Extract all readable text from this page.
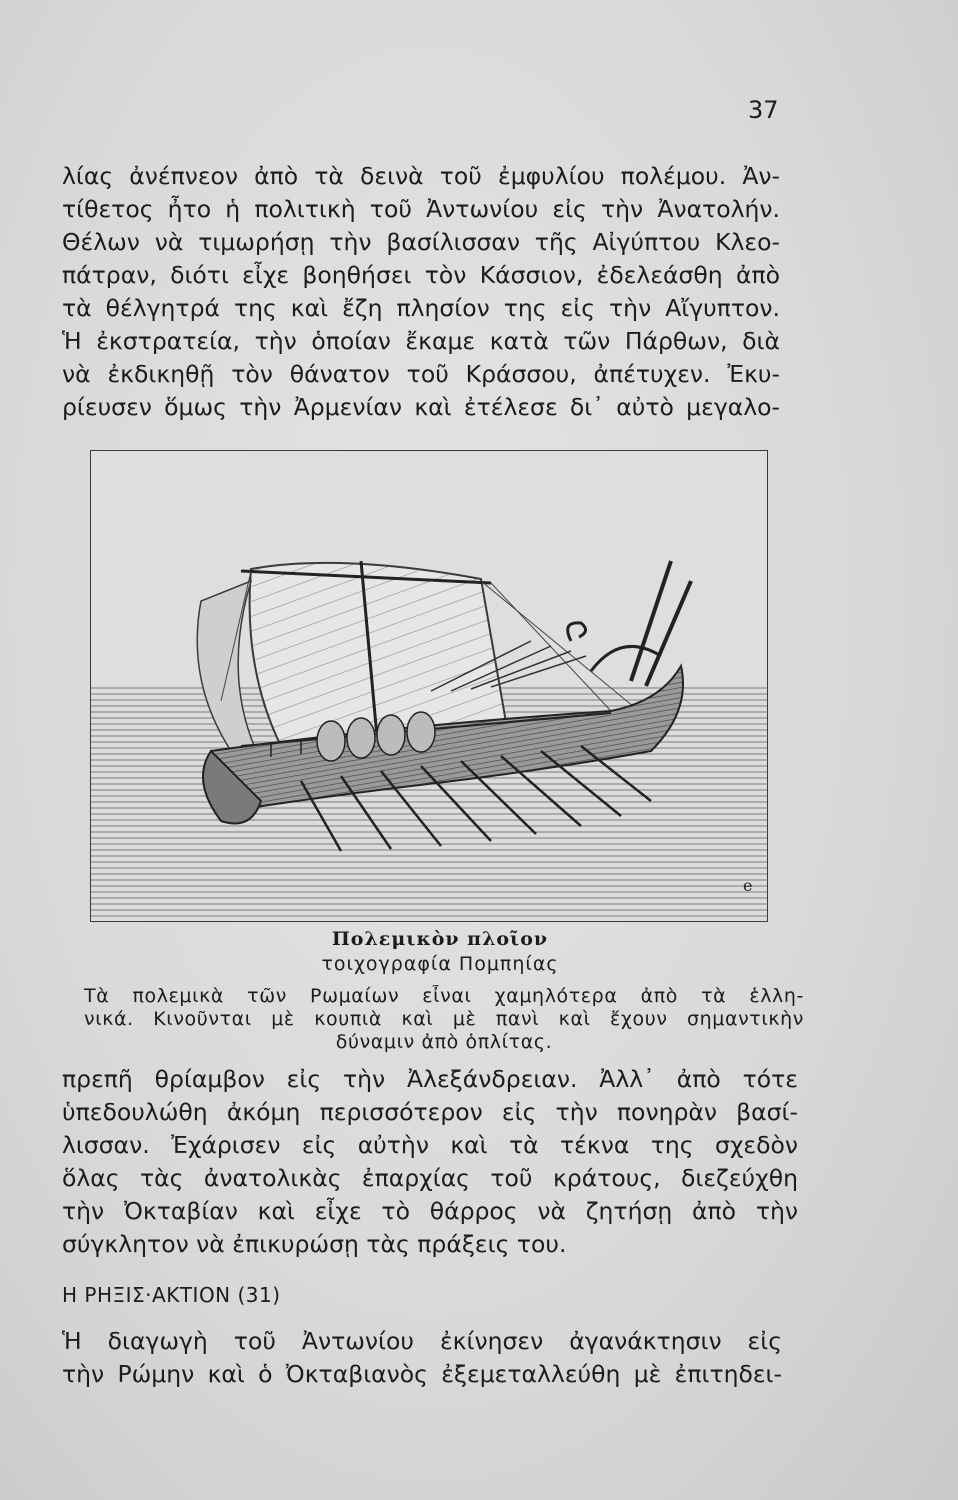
37
λίας ἀνέπνεον ἀπὸ τὰ δεινὰ τοῦ ἐμφυλίου πολέμου. Ἀν-
τίθετος ἦτο ἡ πολιτικὴ τοῦ Ἀντωνίου εἰς τὴν Ἀνατολήν.
Θέλων νὰ τιμωρήσῃ τὴν βασίλισσαν τῆς Αἰγύπτου Κλεο-
πάτραν, διότι εἶχε βοηθήσει τὸν Κάσσιον, ἐδελεάσθη ἀπὸ
τὰ θέλγητρά της καὶ ἔζη πλησίον της εἰς τὴν Αἴγυπτον.
Ἡ ἐκστρατεία, τὴν ὁποίαν ἔκαμε κατὰ τῶν Πάρθων, διὰ
νὰ ἐκδικηθῇ τὸν θάνατον τοῦ Κράσσου, ἀπέτυχεν. Ἐκυ-
ρίευσεν ὅμως τὴν Ἀρμενίαν καὶ ἐτέλεσε δι᾽ αὐτὸ μεγαλο-
e
Πολεμικὸν πλοῖον
τοιχογραφία Πομπηίας
Τὰ πολεμικὰ τῶν Ρωμαίων εἶναι χαμηλότερα ἀπὸ τὰ ἑλλη-
νικά. Κινοῦνται μὲ κουπιὰ καὶ μὲ πανὶ καὶ ἔχουν σημαντικὴν
δύναμιν ἀπὸ ὁπλίτας.
πρεπῆ θρίαμβον εἰς τὴν Ἀλεξάνδρειαν. Ἀλλ᾽ ἀπὸ τότε
ὑπεδουλώθη ἀκόμη περισσότερον εἰς τὴν πονηρὰν βασί-
λισσαν. Ἐχάρισεν εἰς αὐτὴν καὶ τὰ τέκνα της σχεδὸν
ὅλας τὰς ἀνατολικὰς ἐπαρχίας τοῦ κράτους, διεζεύχθη
τὴν Ὀκταβίαν καὶ εἶχε τὸ θάρρος νὰ ζητήσῃ ἀπὸ τὴν
σύγκλητον νὰ ἐπικυρώσῃ τὰς πράξεις του.
Η ΡΗΞΙΣ·ΑΚΤΙΟΝ (31)
Ἡ διαγωγὴ τοῦ Ἀντωνίου ἐκίνησεν ἀγανάκτησιν εἰς
τὴν Ρώμην καὶ ὁ Ὀκταβιανὸς ἐξεμεταλλεύθη μὲ ἐπιτηδει-
